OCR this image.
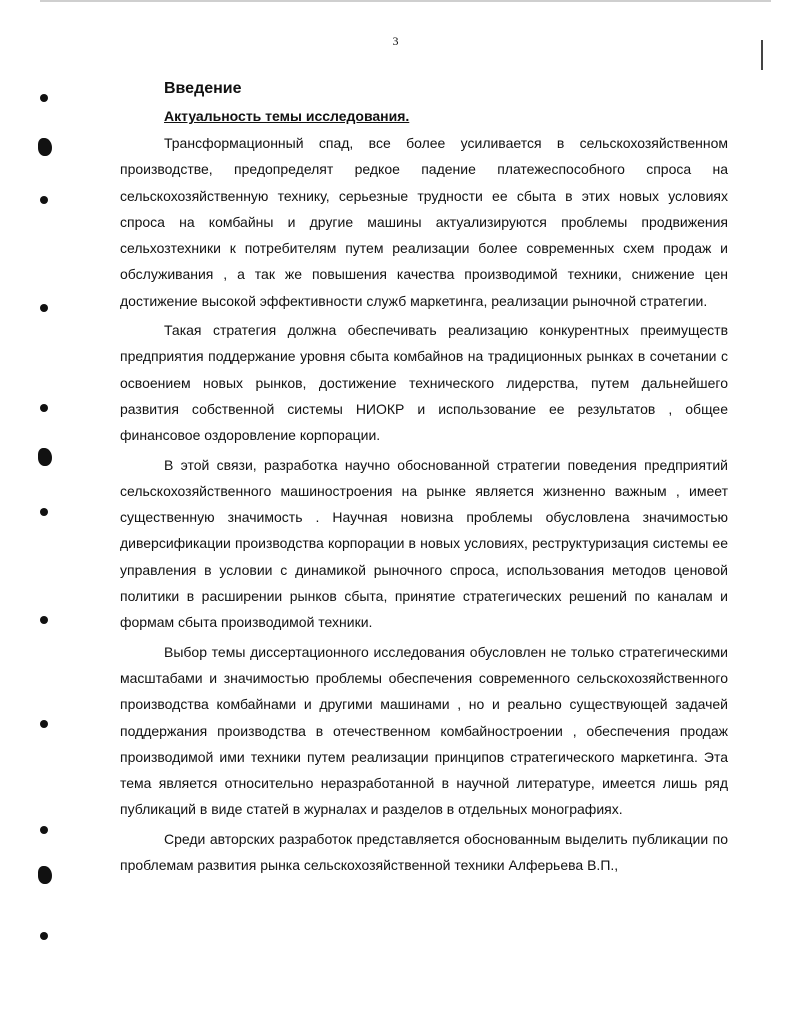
3
Введение
Актуальность темы исследования.

Трансформационный спад, все более усиливается в сельскохозяйственном производстве, предопределят редкое падение платежеспособного спроса на сельскохозяйственную технику, серьезные трудности ее сбыта в этих новых условиях спроса на комбайны и другие машины актуализируются проблемы продвижения сельхозтехники к потребителям путем реализации более современных схем продаж и обслуживания , а так же повышения качества производимой техники, снижение цен достижение высокой эффективности служб маркетинга, реализации рыночной стратегии.

Такая стратегия должна обеспечивать реализацию конкурентных преимуществ предприятия поддержание уровня сбыта комбайнов на традиционных рынках в сочетании с освоением новых рынков, достижение технического лидерства, путем дальнейшего развития собственной системы НИОКР и использование ее результатов , общее финансовое оздоровление корпорации.

В этой связи, разработка научно обоснованной стратегии поведения предприятий сельскохозяйственного машиностроения на рынке является жизненно важным , имеет существенную значимость . Научная новизна проблемы обусловлена значимостью диверсификации производства корпорации в новых условиях, реструктуризация системы ее управления в условии с динамикой рыночного спроса, использования методов ценовой политики в расширении рынков сбыта, принятие стратегических решений по каналам и формам сбыта производимой техники.

Выбор темы диссертационного исследования обусловлен не только стратегическими масштабами и значимостью проблемы обеспечения современного сельскохозяйственного производства комбайнами и другими машинами , но и реально существующей задачей поддержания производства в отечественном комбайностроении , обеспечения продаж производимой ими техники путем реализации принципов стратегического маркетинга. Эта тема является относительно неразработанной в научной литературе, имеется лишь ряд публикаций в виде статей в журналах и разделов в отдельных монографиях.

Среди авторских разработок представляется обоснованным выделить публикации по проблемам развития рынка сельскохозяйственной техники Алферьева В.П.,
